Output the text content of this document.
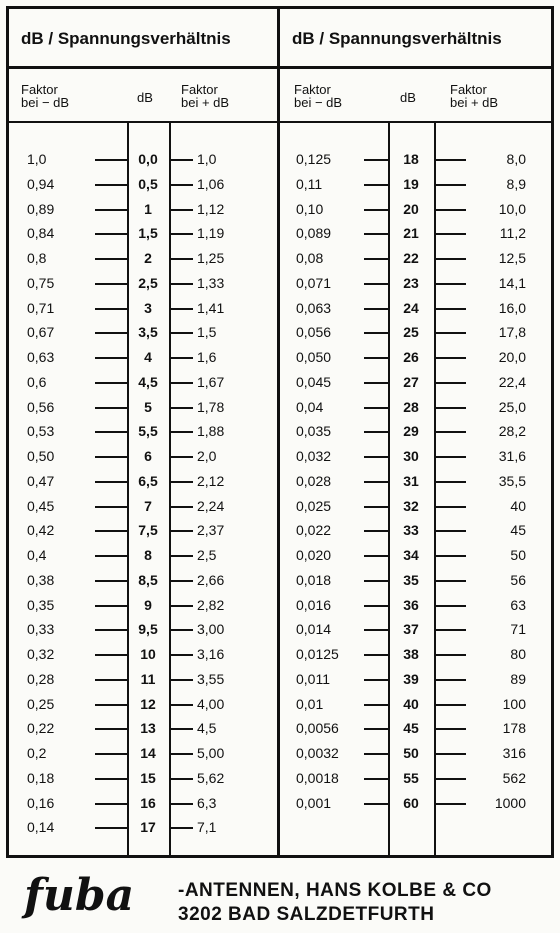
dB / Spannungsverhältnis
Faktor
bei − dB	dB
Faktor
bei + dB
1,0	0,0	1,0
0,94	0,5	1,06
0,89	1	1,12
0,84	1,5	1,19
0,8	2	1,25
0,75	2,5	1,33
0,71	3	1,41
0,67	3,5	1,5
0,63	4	1,6
0,6	4,5	1,67
0,56	5	1,78
0,53	5,5	1,88
0,50	6	2,0
0,47	6,5	2,12
0,45	7	2,24
0,42	7,5	2,37
0,4	8	2,5
0,38	8,5	2,66
0,35	9	2,82
0,33	9,5	3,00
0,32	10	3,16
0,28	11	3,55
0,25	12	4,00
0,22	13	4,5
0,2	14	5,00
0,18	15	5,62
0,16	16	6,3
0,14	17	7,1
dB / Spannungsverhältnis
Faktor
bei − dB	dB
Faktor
bei + dB
0,125	18	8,0
0,11	19	8,9
0,10	20	10,0
0,089	21	11,2
0,08	22	12,5
0,071	23	14,1
0,063	24	16,0
0,056	25	17,8
0,050	26	20,0
0,045	27	22,4
0,04	28	25,0
0,035	29	28,2
0,032	30	31,6
0,028	31	35,5
0,025	32	40
0,022	33	45
0,020	34	50
0,018	35	56
0,016	36	63
0,014	37	71
0,0125	38	80
0,011	39	89
0,01	40	100
0,0056	45	178
0,0032	50	316
0,0018	55	562
0,001	60	1000
fuba -ANTENNEN, HANS KOLBE & CO
3202 BAD SALZDETFURTH
